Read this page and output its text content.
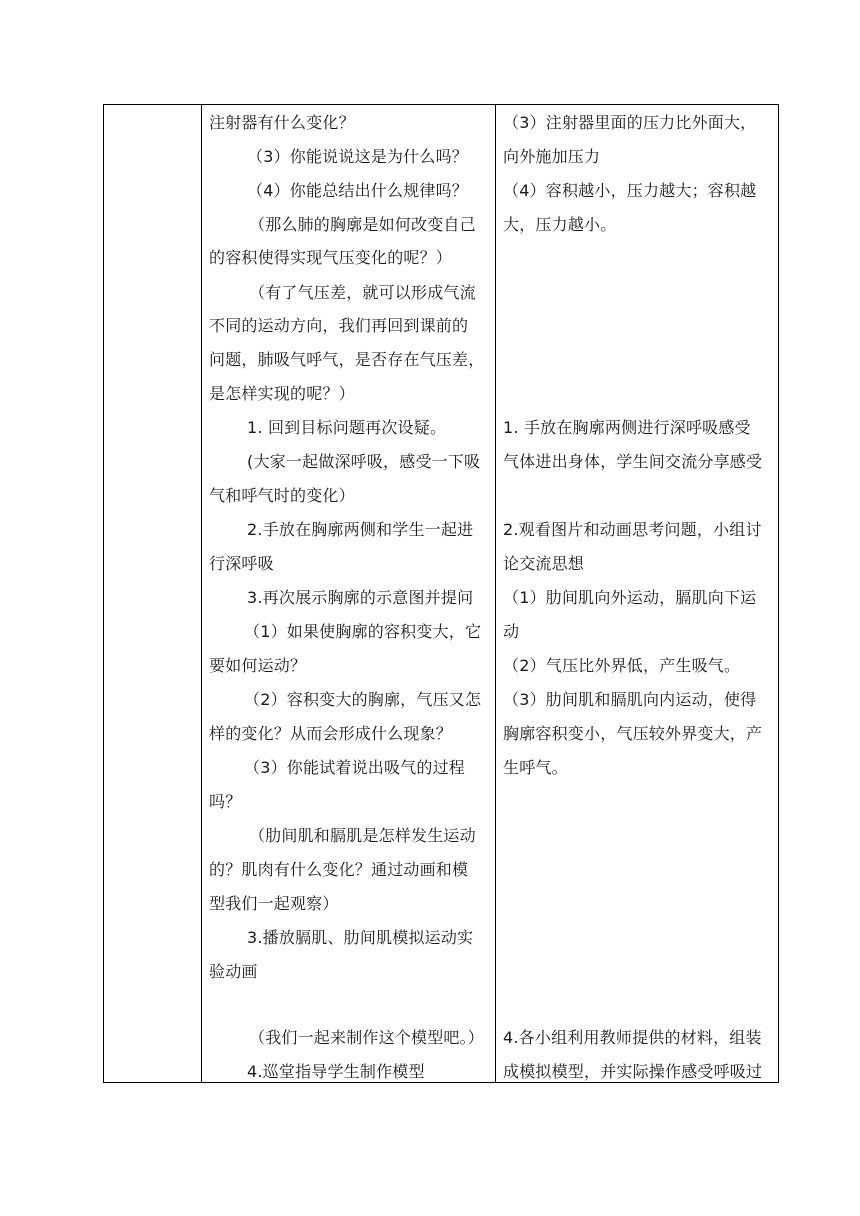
注射器有什么变化？
（3）你能说说这是为什么吗？
（4）你能总结出什么规律吗？
（那么肺的胸廓是如何改变自己
的容积使得实现气压变化的呢？）
（有了气压差，就可以形成气流
不同的运动方向，我们再回到课前的
问题，肺吸气呼气，是否存在气压差，
是怎样实现的呢？）
1. 回到目标问题再次设疑。
(大家一起做深呼吸，感受一下吸
气和呼气时的变化）
2.手放在胸廓两侧和学生一起进
行深呼吸
3.再次展示胸廓的示意图并提问
（1）如果使胸廓的容积变大，它
要如何运动？
（2）容积变大的胸廓，气压又怎
样的变化？从而会形成什么现象？
（3）你能试着说出吸气的过程
吗？
（肋间肌和膈肌是怎样发生运动
的？肌肉有什么变化？通过动画和模
型我们一起观察）
3.播放膈肌、肋间肌模拟运动实
验动画
（我们一起来制作这个模型吧。）
4.巡堂指导学生制作模型
（3）注射器里面的压力比外面大，
向外施加压力
（4）容积越小，压力越大；容积越
大，压力越小。
1. 手放在胸廓两侧进行深呼吸感受
气体进出身体，学生间交流分享感受
2.观看图片和动画思考问题，小组讨
论交流思想
（1）肋间肌向外运动，膈肌向下运
动
（2）气压比外界低，产生吸气。
（3）肋间肌和膈肌向内运动，使得
胸廓容积变小，气压较外界变大，产
生呼气。
4.各小组利用教师提供的材料，组装
成模拟模型，并实际操作感受呼吸过
